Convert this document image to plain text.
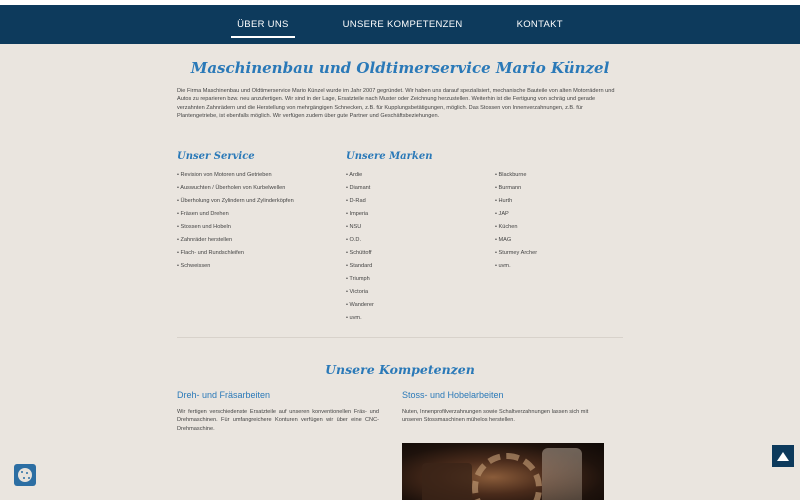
ÜBER UNS	UNSERE KOMPETENZEN	KONTAKT
Maschinenbau und Oldtimerservice Mario Künzel

Die Firma Maschinenbau und Oldtimerservice Mario Künzel wurde im Jahr 2007 gegründet. Wir haben uns darauf spezialisiert, mechanische Bauteile von alten Motorrädern und Autos zu reparieren bzw. neu anzufertigen. Wir sind in der Lage, Ersatzteile nach Muster oder Zeichnung herzustellen. Weiterhin ist die Fertigung von schräg und gerade verzahnten Zahnrädern und die Herstellung von mehrgängigen Schnecken, z.B. für Kupplungsbetätigungen, möglich. Das Stossen von Innenverzahnungen, z.B. für Plantengetriebe, ist ebenfalls möglich. Wir verfügen zudem über gute Partner und Geschäftsbeziehungen.

Unser Service
• Revision von Motoren und Getrieben
• Auswuchten / Überholen von Kurbelwellen
• Überholung von Zylindern und Zylinderköpfen
• Fräsen und Drehen
• Stossen und Hobeln
• Zahnräder herstellen
• Flach- und Rundschleifen
• Schweissen
Unsere Marken
• Ardie
• Diamant
• D-Rad
• Imperia
• NSU
• O.D.
• Schüttoff
• Standard
• Triumph
• Victoria
• Wanderer
• uvm.
• Blackburne
• Burmann
• Hurth
• JAP
• Küchen
• MAG
• Sturmey Archer
• uvm.
Unsere Kompetenzen
Dreh- und Fräsarbeiten

Wir fertigen verschiedenste Ersatzteile auf unseren konventionellen Fräs- und Drehmaschinen. Für umfangreichere Konturen verfügen wir über eine CNC-Drehmaschine.

Stoss- und Hobelarbeiten

Nuten, Innenprofilverzahnungen sowie Schaltverzahnungen lassen sich mit unseren Stossmaschinen mühelos herstellen.
